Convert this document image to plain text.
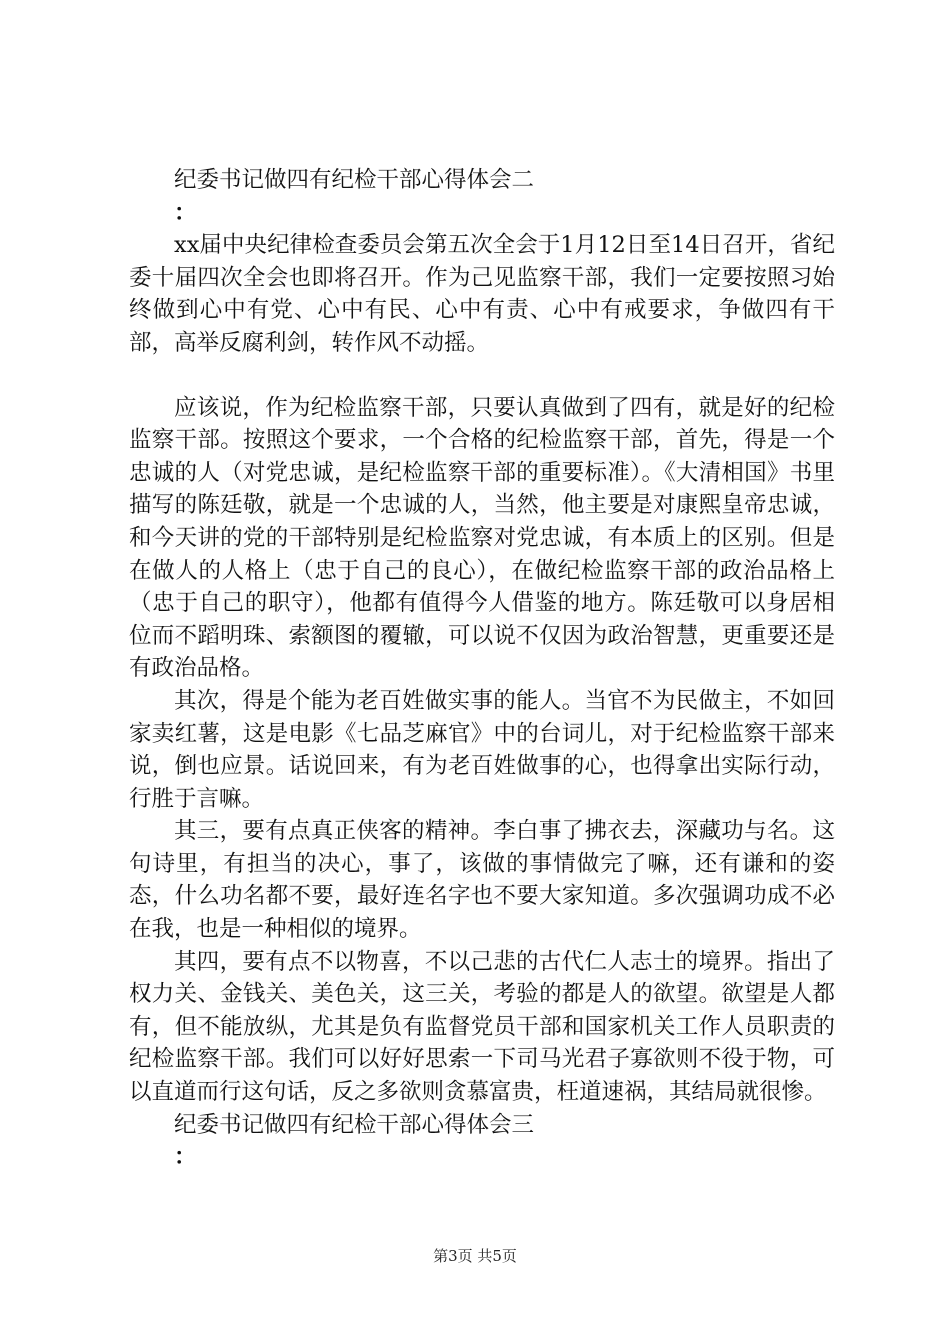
纪委书记做四有纪检干部心得体会二

：

xx届中央纪律检查委员会第五次全会于1月12日至14日召开，省纪委十届四次全会也即将召开。作为己见监察干部，我们一定要按照习始终做到心中有党、心中有民、心中有责、心中有戒要求，争做四有干部，高举反腐利剑，转作风不动摇。

应该说，作为纪检监察干部，只要认真做到了四有，就是好的纪检监察干部。按照这个要求，一个合格的纪检监察干部，首先，得是一个忠诚的人（对党忠诚，是纪检监察干部的重要标准）。《大清相国》书里描写的陈廷敬，就是一个忠诚的人，当然，他主要是对康熙皇帝忠诚，和今天讲的党的干部特别是纪检监察对党忠诚，有本质上的区别。但是在做人的人格上（忠于自己的良心），在做纪检监察干部的政治品格上（忠于自己的职守），他都有值得今人借鉴的地方。陈廷敬可以身居相位而不蹈明珠、索额图的覆辙，可以说不仅因为政治智慧，更重要还是有政治品格。

其次，得是个能为老百姓做实事的能人。当官不为民做主，不如回家卖红薯，这是电影《七品芝麻官》中的台词儿，对于纪检监察干部来说，倒也应景。话说回来，有为老百姓做事的心，也得拿出实际行动，行胜于言嘛。

其三，要有点真正侠客的精神。李白事了拂衣去，深藏功与名。这句诗里，有担当的决心，事了，该做的事情做完了嘛，还有谦和的姿态，什么功名都不要，最好连名字也不要大家知道。多次强调功成不必在我，也是一种相似的境界。

其四，要有点不以物喜，不以己悲的古代仁人志士的境界。指出了权力关、金钱关、美色关，这三关，考验的都是人的欲望。欲望是人都有，但不能放纵，尤其是负有监督党员干部和国家机关工作人员职责的纪检监察干部。我们可以好好思索一下司马光君子寡欲则不役于物，可以直道而行这句话，反之多欲则贪慕富贵，枉道速祸，其结局就很惨。

纪委书记做四有纪检干部心得体会三

：

第3页 共5页
